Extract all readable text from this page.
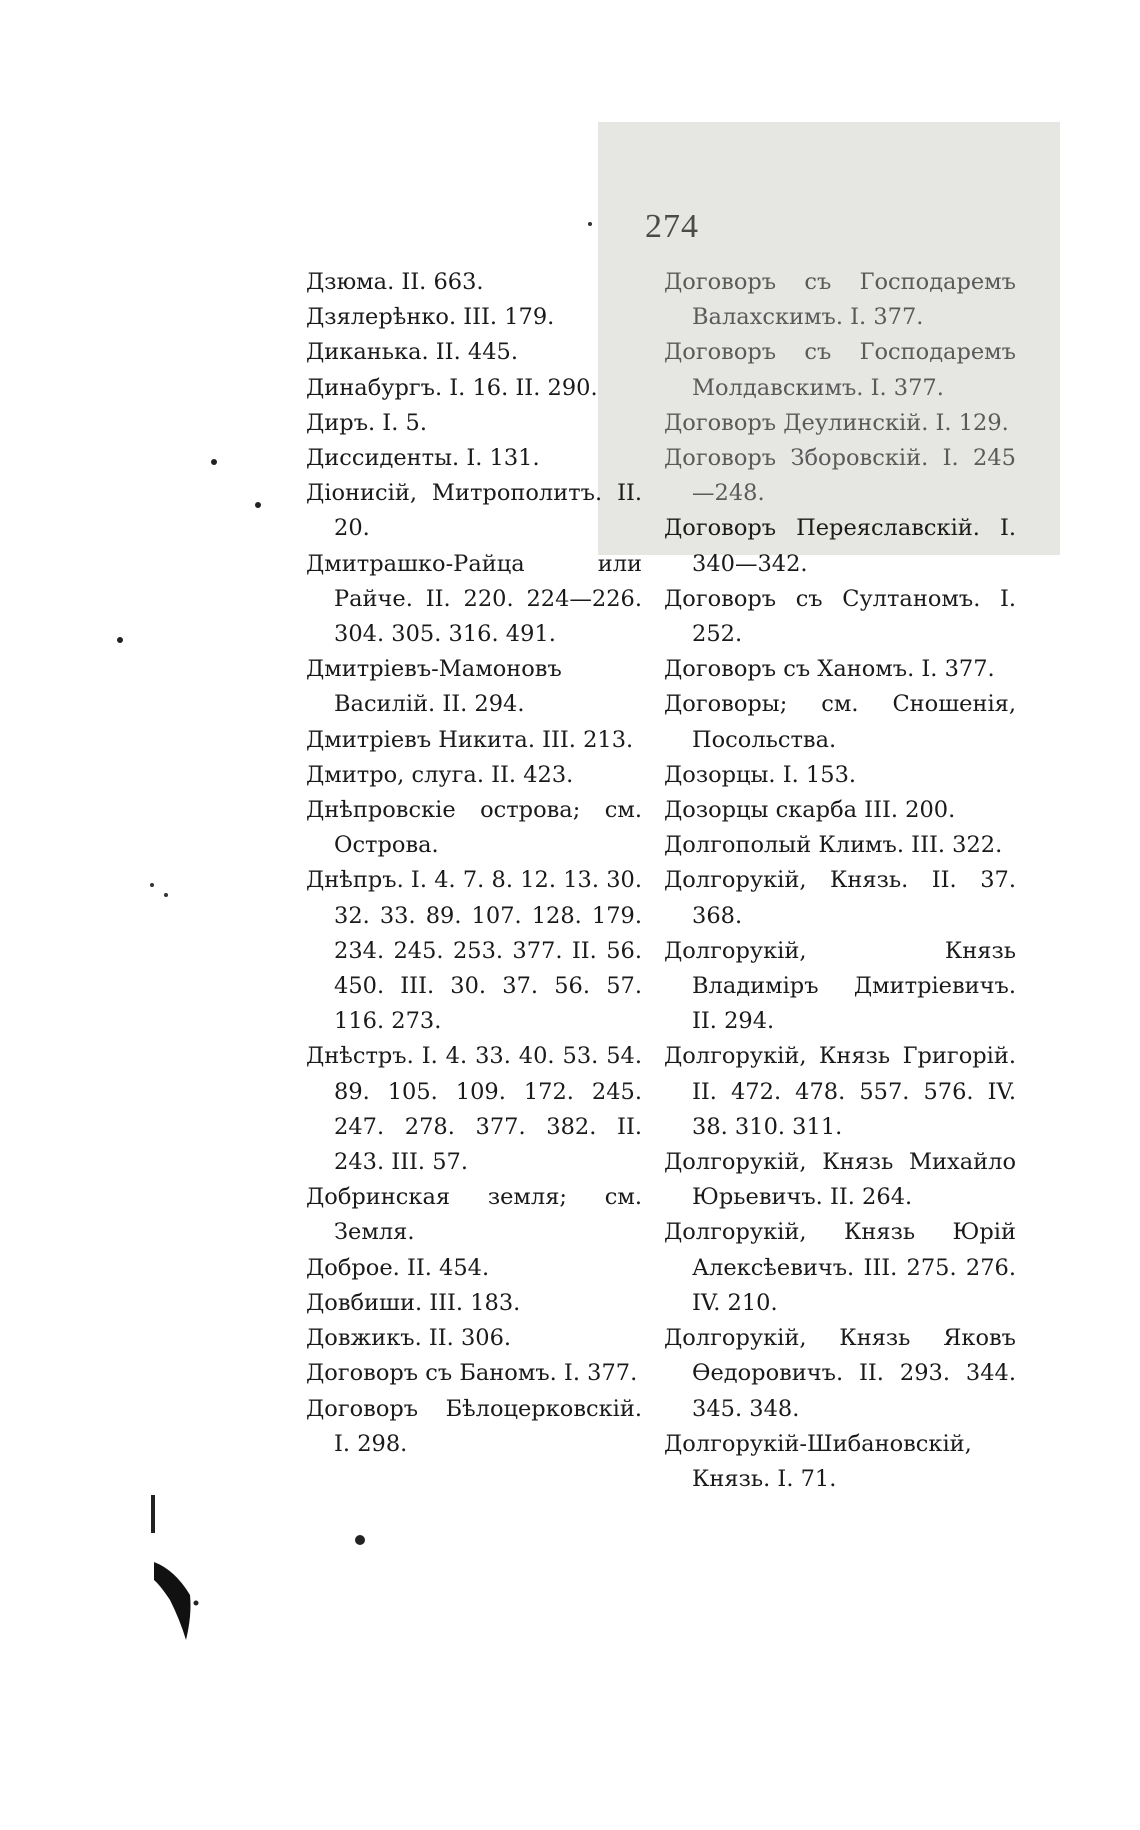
274

Дзюма. II. 663.

Дзялерѣнко. III. 179.

Диканька. II. 445.

Динабургъ. I. 16. II. 290.

Диръ. I. 5.

Диссиденты. I. 131.

Діонисій, Митрополитъ. II. 20.

Дмитрашко-Райца или Райче. II. 220. 224—226. 304. 305. 316. 491.

Дмитріевъ-Мамоновъ Василій. II. 294.

Дмитріевъ Никита. III. 213.

Дмитро, слуга. II. 423.

Днѣпровскіе острова; см. Острова.

Днѣпръ. I. 4. 7. 8. 12. 13. 30. 32. 33. 89. 107. 128. 179. 234. 245. 253. 377. II. 56. 450. III. 30. 37. 56. 57. 116. 273.

Днѣстръ. I. 4. 33. 40. 53. 54. 89. 105. 109. 172. 245. 247. 278. 377. 382. II. 243. III. 57.

Добринская земля; см. Земля.

Доброе. II. 454.

Довбиши. III. 183.

Довжикъ. II. 306.

Договоръ съ Баномъ. I. 377.

Договоръ Бѣлоцерковскій. I. 298.

Договоръ съ Господаремъ Валахскимъ. I. 377.

Договоръ съ Господаремъ Молдавскимъ. I. 377.

Договоръ Деулинскій. I. 129.

Договоръ Зборовскій. I. 245—248.

Договоръ Переяславскій. I. 340—342.

Договоръ съ Султаномъ. I. 252.

Договоръ съ Ханомъ. I. 377.

Договоры; см. Сношенія, Посольства.

Дозорцы. I. 153.

Дозорцы скарба III. 200.

Долгополый Климъ. III. 322.

Долгорукій, Князь. II. 37. 368.

Долгорукій, Князь Владиміръ Дмитріевичъ. II. 294.

Долгорукій, Князь Григорій. II. 472. 478. 557. 576. IV. 38. 310. 311.

Долгорукій, Князь Михайло Юрьевичъ. II. 264.

Долгорукій, Князь Юрій Алексѣевичъ. III. 275. 276. IV. 210.

Долгорукій, Князь Яковъ Ѳедоровичъ. II. 293. 344. 345. 348.

Долгорукій-Шибановскій, Князь. I. 71.
